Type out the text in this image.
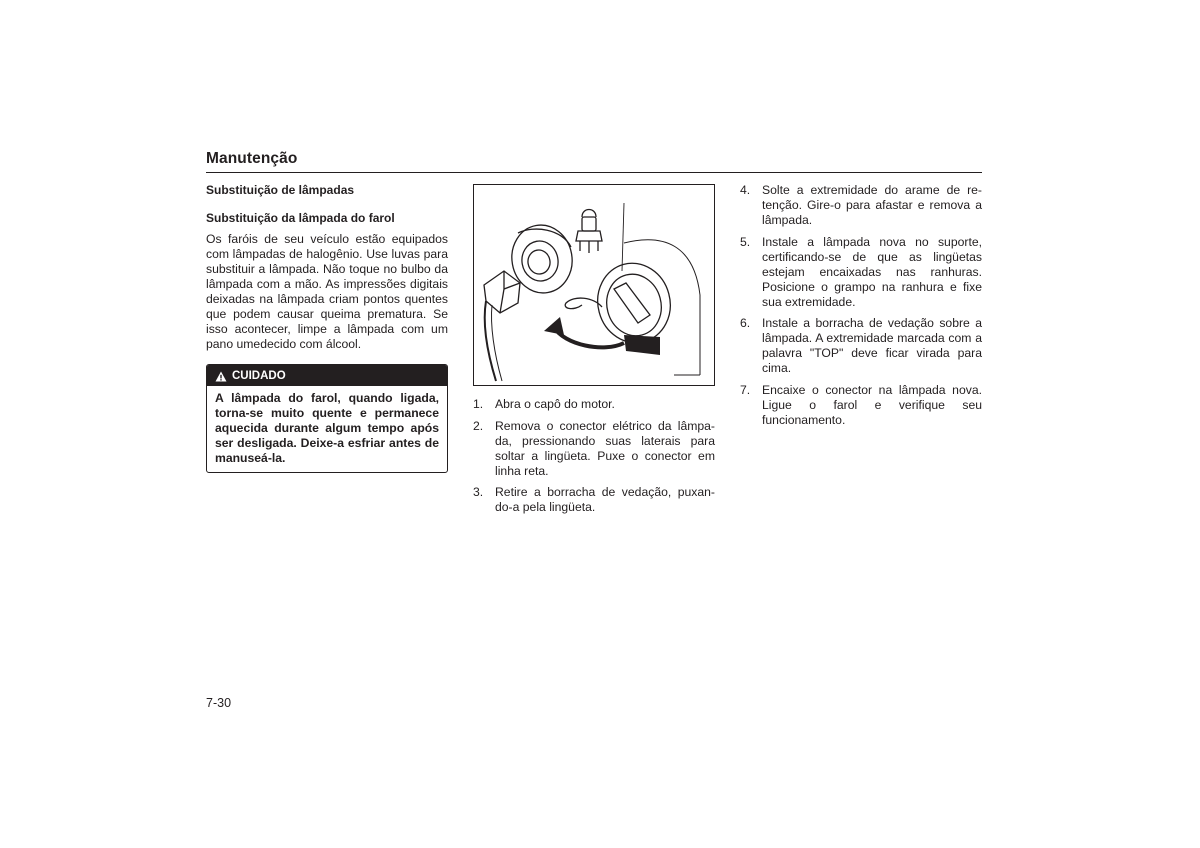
Manutenção
Substituição de lâmpadas
Substituição da lâmpada do farol
Os faróis de seu veículo estão equipados com lâmpadas de halogênio. Use luvas para substituir a lâmpada. Não toque no bulbo da lâmpada com a mão. As impressões digitais deixadas na lâmpada criam pontos quentes que podem causar queima prematura. Se isso acontecer, limpe a lâmpada com um pano umedecido com álcool.
CUIDADO
A lâmpada do farol, quando ligada, torna-se muito quente e permanece aquecida durante algum tempo após ser desligada. Deixe-a esfriar antes de manuseá-la.
1. Abra o capô do motor.
2. Remova o conector elétrico da lâmpa-da, pressionando suas laterais para soltar a lingüeta. Puxe o conector em linha reta.
3. Retire a borracha de vedação, puxan-do-a pela lingüeta.
4. Solte a extremidade do arame de re-tenção. Gire-o para afastar e remova a lâmpada.
5. Instale a lâmpada nova no suporte, certificando-se de que as lingüetas estejam encaixadas nas ranhuras. Posicione o grampo na ranhura e fixe sua extremidade.
6. Instale a borracha de vedação sobre a lâmpada. A extremidade marcada com a palavra "TOP" deve ficar virada para cima.
7. Encaixe o conector na lâmpada nova. Ligue o farol e verifique seu funcionamento.
7-30
